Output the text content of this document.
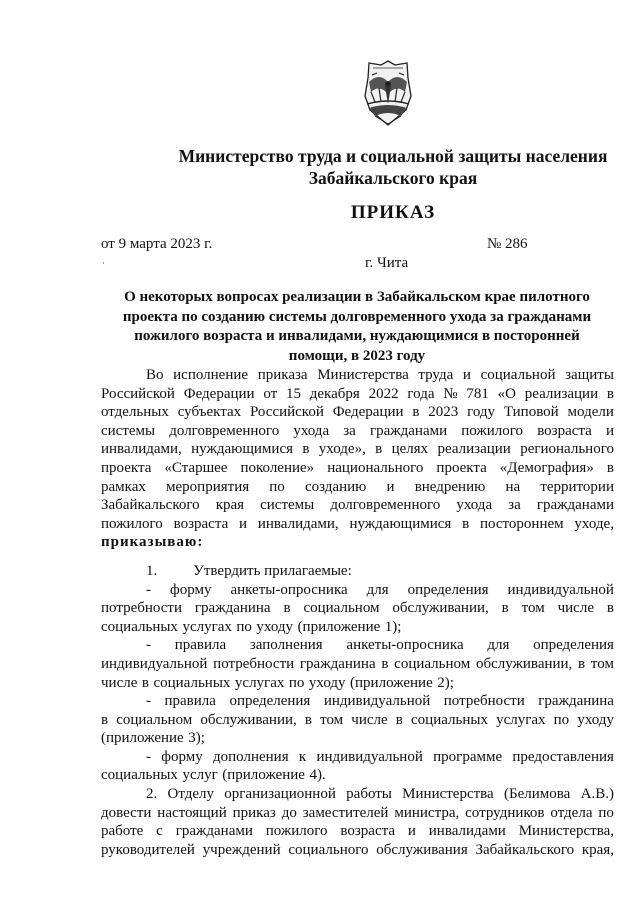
Министерство труда и социальной защиты населения
Забайкальского края
ПРИКАЗ
от 9 марта 2023 г.	№ 286
·	г. Чита
О некоторых вопросах реализации в Забайкальском крае пилотного
проекта по созданию системы долговременного ухода за гражданами
пожилого возраста и инвалидами, нуждающимися в посторонней
помощи, в 2023 году
Во исполнение приказа Министерства труда и социальной защиты
Российской Федерации от 15 декабря 2022 года № 781 «О реализации в
отдельных субъектах Российской Федерации в 2023 году Типовой модели
системы долговременного ухода за гражданами пожилого возраста и
инвалидами, нуждающимися в уходе», в целях реализации регионального
проекта «Старшее поколение» национального проекта «Демография» в
рамках мероприятия по созданию и внедрению на территории
Забайкальского края системы долговременного ухода за гражданами
пожилого возраста и инвалидами, нуждающимися в постороннем уходе,
приказываю:
1. Утвердить прилагаемые:
- форму анкеты-опросника для определения индивидуальной
потребности гражданина в социальном обслуживании, в том числе в
социальных услугах по уходу (приложение 1);
- правила заполнения анкеты-опросника для определения
индивидуальной потребности гражданина в социальном обслуживании, в том
числе в социальных услугах по уходу (приложение 2);
- правила определения индивидуальной потребности гражданина
в социальном обслуживании, в том числе в социальных услугах по уходу
(приложение 3);
- форму дополнения к индивидуальной программе предоставления
социальных услуг (приложение 4).
2. Отделу организационной работы Министерства (Белимова А.В.)
довести настоящий приказ до заместителей министра, сотрудников отдела по
работе с гражданами пожилого возраста и инвалидами Министерства,
руководителей учреждений социального обслуживания Забайкальского края,
